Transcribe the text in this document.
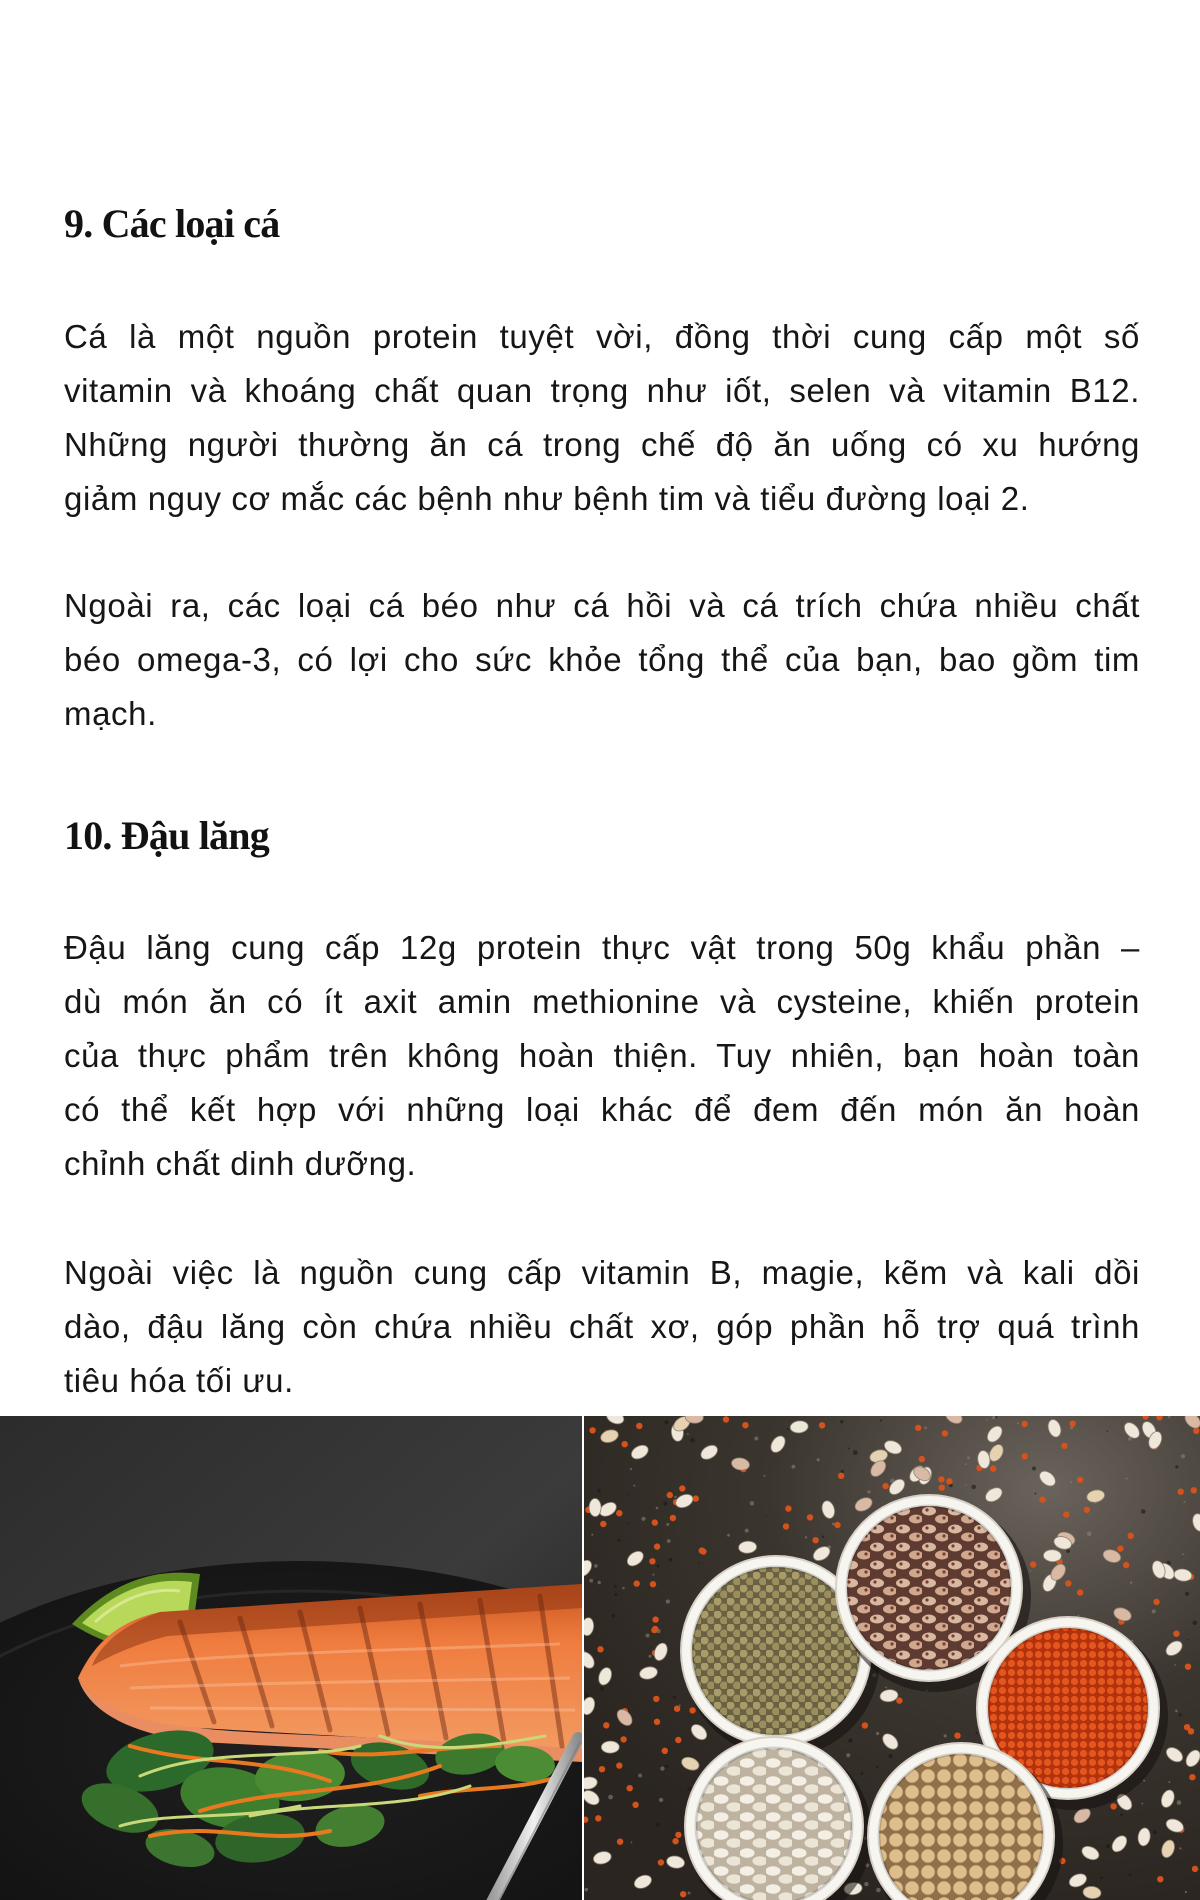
9. Các loại cá
Cá là một nguồn protein tuyệt vời, đồng thời cung cấp một số
vitamin và khoáng chất quan trọng như iốt, selen và vitamin B12.
Những người thường ăn cá trong chế độ ăn uống có xu hướng
giảm nguy cơ mắc các bệnh như bệnh tim và tiểu đường loại 2.
Ngoài ra, các loại cá béo như cá hồi và cá trích chứa nhiều chất
béo omega-3, có lợi cho sức khỏe tổng thể của bạn, bao gồm tim
mạch.
10. Đậu lăng
Đậu lăng cung cấp 12g protein thực vật trong 50g khẩu phần –
dù món ăn có ít axit amin methionine và cysteine, khiến protein
của thực phẩm trên không hoàn thiện. Tuy nhiên, bạn hoàn toàn
có thể kết hợp với những loại khác để đem đến món ăn hoàn
chỉnh chất dinh dưỡng.
Ngoài việc là nguồn cung cấp vitamin B, magie, kẽm và kali dồi
dào, đậu lăng còn chứa nhiều chất xơ, góp phần hỗ trợ quá trình
tiêu hóa tối ưu.
